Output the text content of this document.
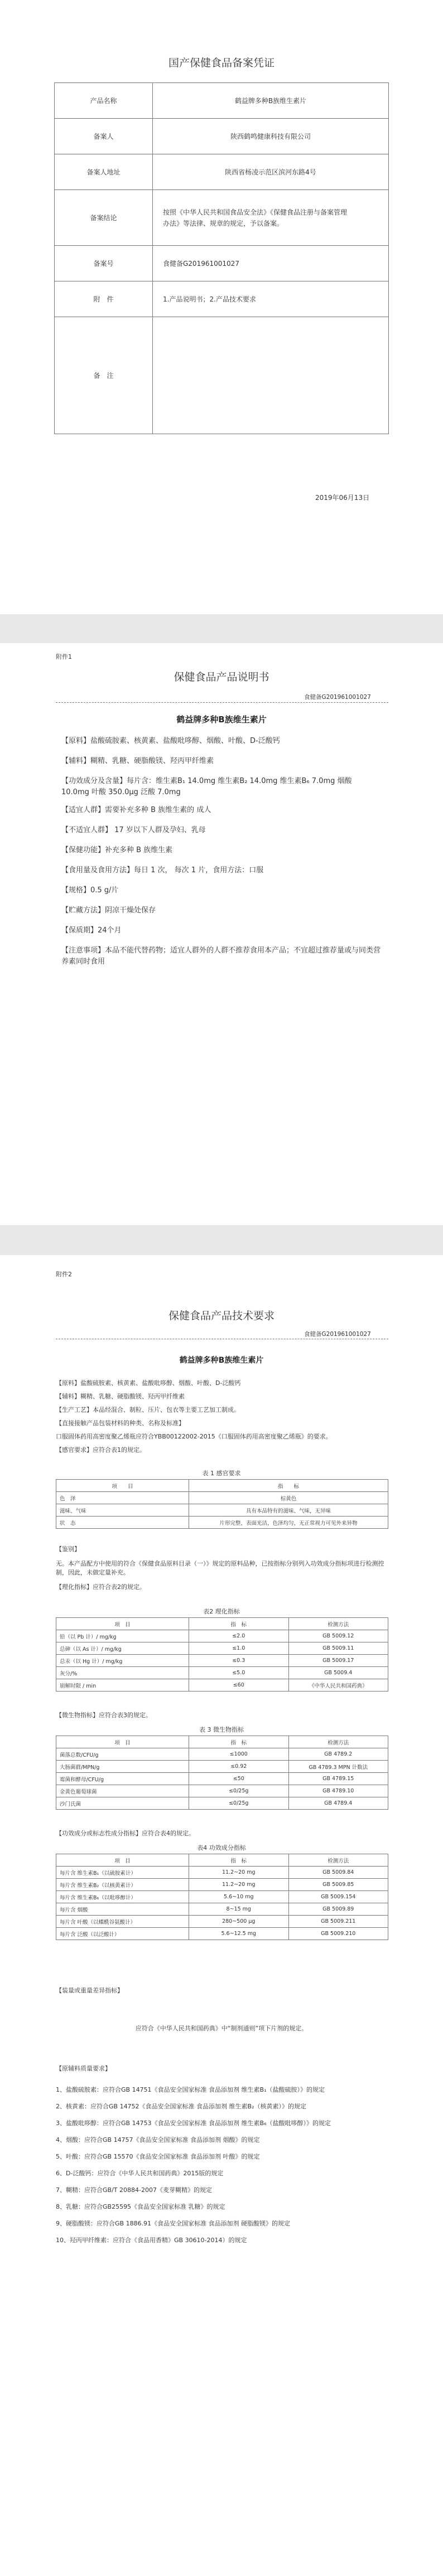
国产保健食品备案凭证
产品名称	鹤益牌多种B族维生素片
备案人	陕西鹤鸣健康科技有限公司
备案人地址	陕西省杨凌示范区滨河东路4号
备案结论	按照《中华人民共和国食品安全法》《保健食品注册与备案管理办法》等法律、规章的规定，予以备案。
备案号	食健备G201961001027
附　件	1.产品说明书；2.产品技术要求
备　注	
2019年06月13日
附件1
保健食品产品说明书
食健备G201961001027
鹤益牌多种B族维生素片
【原料】盐酸硫胺素、核黄素、盐酸吡哆醇、烟酸、叶酸、D-泛酸钙
【辅料】糊精、乳糖、硬脂酸镁、羟丙甲纤维素
【功效成分及含量】每片含：维生素B₁ 14.0mg 维生素B₂ 14.0mg 维生素B₆ 7.0mg 烟酸 10.0mg 叶酸 350.0μg 泛酸 7.0mg
【适宜人群】需要补充多种 B 族维生素的 成人
【不适宜人群】 17 岁以下人群及孕妇、乳母
【保健功能】补充多种 B 族维生素
【食用量及食用方法】每日 1 次， 每次 1 片，食用方法：口服
【规格】0.5 g/片
【贮藏方法】阴凉干燥处保存
【保质期】24个月
【注意事项】本品不能代替药物；适宜人群外的人群不推荐食用本产品；不宜超过推荐量或与同类营养素同时食用
附件2
保健食品产品技术要求
食健备G201961001027
鹤益牌多种B族维生素片
【原料】盐酸硫胺素、核黄素、盐酸吡哆醇、烟酸、叶酸、D-泛酸钙
【辅料】糊精、乳糖、硬脂酸镁、羟丙甲纤维素
【生产工艺】本品经混合、制粒、压片、包衣等主要工艺加工制成。
【直接接触产品包装材料的种类、名称及标准】
口服固体药用高密度聚乙烯瓶应符合YBB00122002-2015《口服固体药用高密度聚乙烯瓶》的要求。
【感官要求】应符合表1的规定。
表 1 感官要求
项　　目	指　　标
色　泽	棕黄色
滋味、气味	具有本品特有的滋味、气味，无异味
状　态	片形完整，表面光洁，色泽均匀，无正常视力可见外来异物
【鉴别】
无。本产品配方中使用的符合《保健食品原料目录（一）》规定的原料品种，已按指标分别列入功效成分指标项进行检测控制，因此，未做定量补充。
【理化指标】应符合表2的规定。
表2 理化指标
项　目	指　标	检测方法
铅（以 Pb 计）/ mg/kg	≤2.0	GB 5009.12
总砷（以 As 计）/ mg/kg	≤1.0	GB 5009.11
总汞（以 Hg 计）/ mg/kg	≤0.3	GB 5009.17
灰分/%	≤5.0	GB 5009.4
崩解时限 / min	≤60	《中华人民共和国药典》
【微生物指标】应符合表3的规定。
表 3 微生物指标
项　目	指　标	检测方法
菌落总数/CFU/g	≤1000	GB 4789.2
大肠菌群/MPN/g	≤0.92	GB 4789.3 MPN 计数法
霉菌和酵母/CFU/g	≤50	GB 4789.15
金黄色葡萄球菌	≤0/25g	GB 4789.10
沙门氏菌	≤0/25g	GB 4789.4
【功效成分或标志性成分指标】应符合表4的规定。
表4 功效成分指标
项　目	指　标	检测方法
每片含 维生素B₁（以硫胺素计）	11.2~20 mg	GB 5009.84
每片含 维生素B₂（以核黄素计）	11.2~20 mg	GB 5009.85
每片含 维生素B₆（以吡哆醇计）	5.6~10 mg	GB 5009.154
每片含 烟酸	8~15 mg	GB 5009.89
每片含 叶酸（以蝶酰谷氨酸计）	280~500 μg	GB 5009.211
每片含 泛酸（以泛酸计）	5.6~12.5 mg	GB 5009.210
【装量或重量差异指标】
应符合《中华人民共和国药典》中“制剂通则”项下片剂的规定。
【原辅料质量要求】
1、盐酸硫胺素：应符合GB 14751《食品安全国家标准 食品添加剂 维生素B₁（盐酸硫胺）》的规定
2、核黄素：应符合GB 14752《食品安全国家标准 食品添加剂 维生素B₂（核黄素）》的规定
3、盐酸吡哆醇：应符合GB 14753《食品安全国家标准 食品添加剂 维生素B₆（盐酸吡哆醇）》的规定
4、烟酸：应符合GB 14757《食品安全国家标准 食品添加剂 烟酸》的规定
5、叶酸：应符合GB 15570《食品安全国家标准 食品添加剂 叶酸》的规定
6、D-泛酸钙：应符合《中华人民共和国药典》2015版的规定
7、糊精：应符合GB/T 20884-2007《麦芽糊精》的规定
8、乳糖：应符合GB25595《食品安全国家标准 乳糖》的规定
9、硬脂酸镁：应符合GB 1886.91《食品安全国家标准 食品添加剂 硬脂酸镁》的规定
10、羟丙甲纤维素：应符合《食品用香精》GB 30610-2014）的规定
